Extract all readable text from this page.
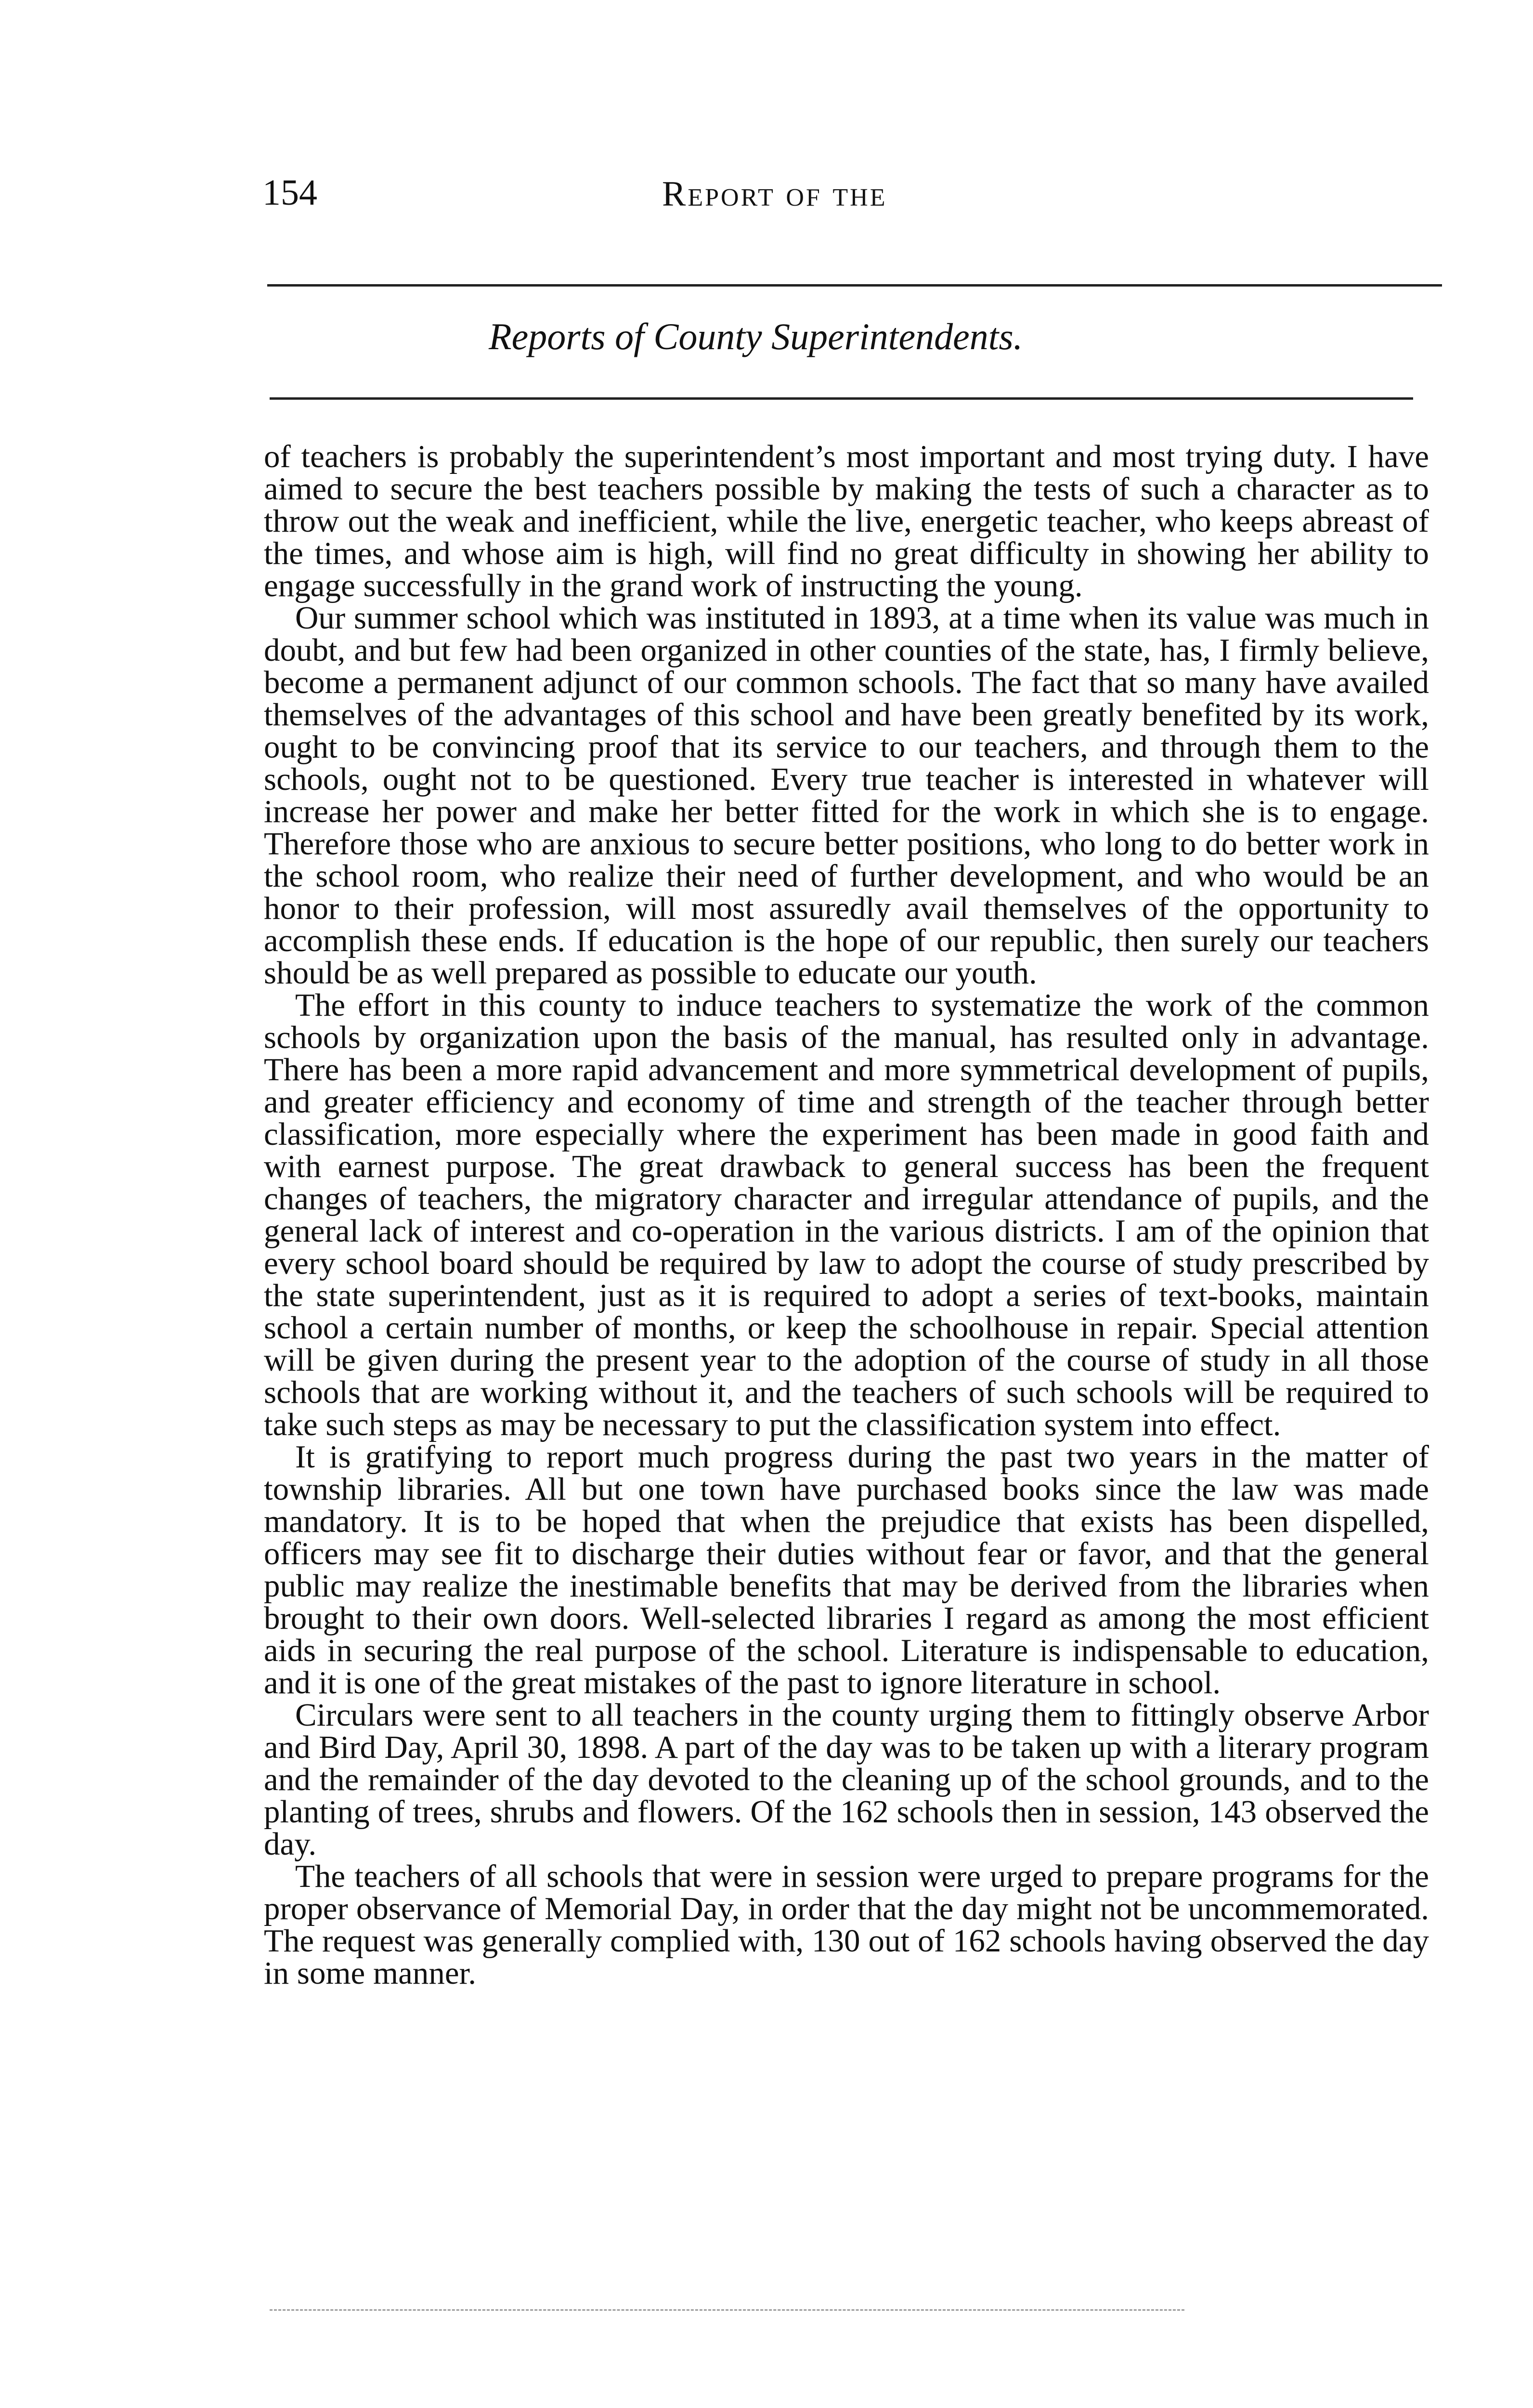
154	Report of the
Reports of County Superintendents.

of teachers is probably the superintendent’s most important and most trying duty. I have aimed to secure the best teachers possible by making the tests of such a character as to throw out the weak and inefficient, while the live, energetic teacher, who keeps abreast of the times, and whose aim is high, will find no great difficulty in showing her ability to engage successfully in the grand work of instructing the young.

Our summer school which was instituted in 1893, at a time when its value was much in doubt, and but few had been organized in other counties of the state, has, I firmly believe, become a permanent adjunct of our common schools. The fact that so many have availed themselves of the advantages of this school and have been greatly benefited by its work, ought to be convincing proof that its service to our teachers, and through them to the schools, ought not to be questioned. Every true teacher is interested in whatever will increase her power and make her better fitted for the work in which she is to engage. Therefore those who are anxious to secure better positions, who long to do better work in the school room, who realize their need of further development, and who would be an honor to their profession, will most assuredly avail themselves of the opportunity to accomplish these ends. If education is the hope of our republic, then surely our teachers should be as well prepared as possible to educate our youth.

The effort in this county to induce teachers to systematize the work of the common schools by organization upon the basis of the manual, has resulted only in advantage. There has been a more rapid advancement and more symmetrical development of pupils, and greater efficiency and economy of time and strength of the teacher through better classification, more especially where the experiment has been made in good faith and with earnest purpose. The great drawback to general success has been the frequent changes of teachers, the migratory character and irregular attendance of pupils, and the general lack of interest and co-operation in the various districts. I am of the opinion that every school board should be required by law to adopt the course of study prescribed by the state superintendent, just as it is required to adopt a series of text-books, maintain school a certain number of months, or keep the schoolhouse in repair. Special attention will be given during the present year to the adoption of the course of study in all those schools that are working without it, and the teachers of such schools will be required to take such steps as may be necessary to put the classification system into effect.

It is gratifying to report much progress during the past two years in the matter of township libraries. All but one town have purchased books since the law was made mandatory. It is to be hoped that when the prejudice that exists has been dispelled, officers may see fit to discharge their duties without fear or favor, and that the general public may realize the inestimable benefits that may be derived from the libraries when brought to their own doors. Well-selected libraries I regard as among the most efficient aids in securing the real purpose of the school. Literature is indispensable to education, and it is one of the great mistakes of the past to ignore literature in school.

Circulars were sent to all teachers in the county urging them to fittingly observe Arbor and Bird Day, April 30, 1898. A part of the day was to be taken up with a literary program and the remainder of the day devoted to the cleaning up of the school grounds, and to the planting of trees, shrubs and flowers. Of the 162 schools then in session, 143 observed the day.

The teachers of all schools that were in session were urged to prepare programs for the proper observance of Memorial Day, in order that the day might not be uncommemorated. The request was generally complied with, 130 out of 162 schools having observed the day in some manner.
